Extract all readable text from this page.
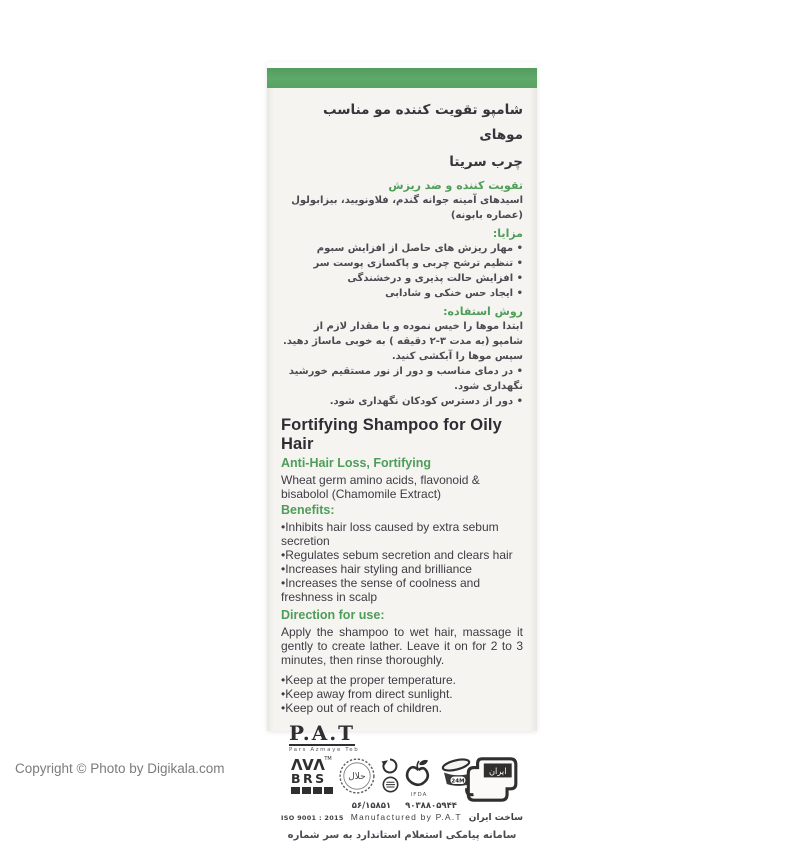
شامپو تقویت کننده مو مناسب موهای
چرب سریتا
تقویت کننده و ضد ریزش
اسیدهای آمینه جوانه گندم، فلاونویید، بیزابولول
(عصاره بابونه)
مزایا:
• مهار ریزش های حاصل از افزایش سبوم
• تنظیم ترشح چربی و پاکسازی پوست سر
• افزایش حالت پذیری و درخشندگی
• ایجاد حس خنکی و شادابی
روش استفاده:
ابتدا موها را خیس نموده و با مقدار لازم از شامپو (به مدت ۳-۲ دقیقه ) به خوبی ماساژ دهید. سپس موها را آبکشی کنید.
• در دمای مناسب و دور از نور مستقیم خورشید نگهداری شود.
• دور از دسترس کودکان نگهداری شود.
Fortifying Shampoo for Oily Hair
Anti-Hair Loss, Fortifying
Wheat germ amino acids, flavonoid & bisabolol (Chamomile Extract)
Benefits:
•Inhibits hair loss caused by extra sebum secretion
•Regulates sebum secretion and clears hair
•Increases hair styling and brilliance
•Increases the sense of coolness and freshness in scalp
Direction for use:
Apply the shampoo to wet hair, massage it gently to create lather. Leave it on for 2 to 3 minutes, then rinse thoroughly.
•Keep at the proper temperature.
•Keep away from direct sunlight.
•Keep out of reach of children.
P.A.T
Pars Azmaye Teb
ΛVΛ™
BRS	حلال
IFDA
24M
ایران
۹۰۳۸۸۰۵۹۴۴
۵۶/۱۵۸۵۱
ISO 9001 : 2015 Manufactured by P.A.T ساخت ایران
سامانه پیامکی استعلام استاندارد به سر شماره
Copyright © Photo by Digikala.com
